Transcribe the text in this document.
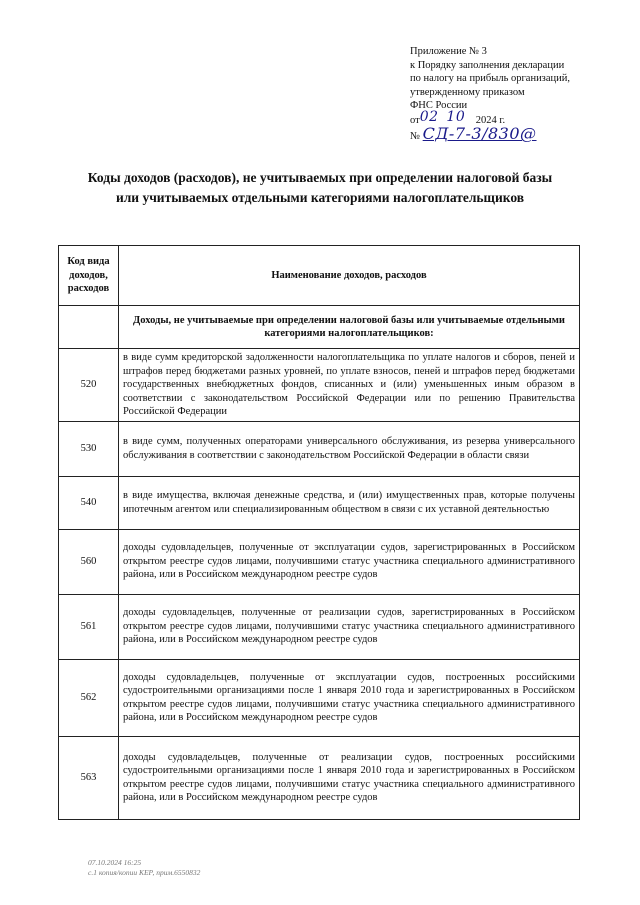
Приложение № 3
к Порядку заполнения декларации
по налогу на прибыль организаций,
утвержденному приказом
ФНС России
от02 10 2024 г.
№ СД-7-3/830@
Коды доходов (расходов), не учитываемых при определении налоговой базы
или учитываемых отдельными категориями налогоплательщиков
Код вида доходов, расходов	Наименование доходов, расходов
	Доходы, не учитываемые при определении налоговой базы или учитываемые отдельными категориями налогоплательщиков:
520	в виде сумм кредиторской задолженности налогоплательщика по уплате налогов и сборов, пеней и штрафов перед бюджетами разных уровней, по уплате взносов, пеней и штрафов перед бюджетами государственных внебюджетных фондов, списанных и (или) уменьшенных иным образом в соответствии с законодательством Российской Федерации или по решению Правительства Российской Федерации
530	в виде сумм, полученных операторами универсального обслуживания, из резерва универсального обслуживания в соответствии с законодательством Российской Федерации в области связи
540	в виде имущества, включая денежные средства, и (или) имущественных прав, которые получены ипотечным агентом или специализированным обществом в связи с их уставной деятельностью
560	доходы судовладельцев, полученные от эксплуатации судов, зарегистрированных в Российском открытом реестре судов лицами, получившими статус участника специального административного района, или в Российском международном реестре судов
561	доходы судовладельцев, полученные от реализации судов, зарегистрированных в Российском открытом реестре судов лицами, получившими статус участника специального административного района, или в Российском международном реестре судов
562	доходы судовладельцев, полученные от эксплуатации судов, построенных российскими судостроительными организациями после 1 января 2010 года и зарегистрированных в Российском открытом реестре судов лицами, получившими статус участника специального административного района, или в Российском международном реестре судов
563	доходы судовладельцев, полученные от реализации судов, построенных российскими судостроительными организациями после 1 января 2010 года и зарегистрированных в Российском открытом реестре судов лицами, получившими статус участника специального административного района, или в Российском международном реестре судов
07.10.2024 16:25
с.1 копия/копии КЕР, прим.6550832
